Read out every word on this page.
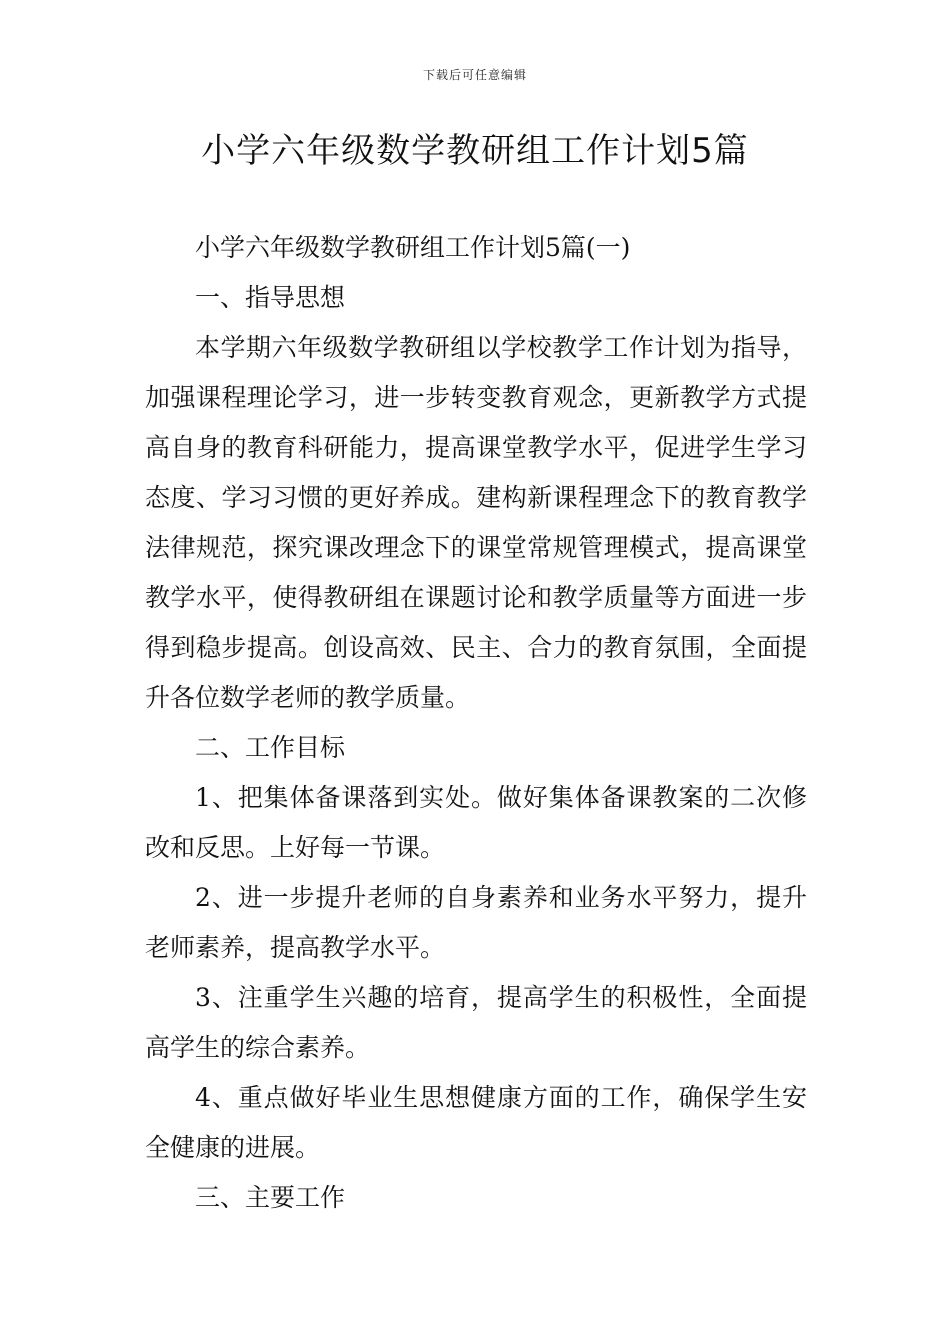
下载后可任意编辑
小学六年级数学教研组工作计划5篇

小学六年级数学教研组工作计划5篇(一)

一、指导思想

本学期六年级数学教研组以学校教学工作计划为指导，加强课程理论学习，进一步转变教育观念，更新教学方式提高自身的教育科研能力，提高课堂教学水平，促进学生学习态度、学习习惯的更好养成。建构新课程理念下的教育教学法律规范，探究课改理念下的课堂常规管理模式，提高课堂教学水平，使得教研组在课题讨论和教学质量等方面进一步得到稳步提高。创设高效、民主、合力的教育氛围，全面提升各位数学老师的教学质量。

二、工作目标

1、把集体备课落到实处。做好集体备课教案的二次修改和反思。上好每一节课。

2、进一步提升老师的自身素养和业务水平努力，提升老师素养，提高教学水平。

3、注重学生兴趣的培育，提高学生的积极性，全面提高学生的综合素养。

4、重点做好毕业生思想健康方面的工作，确保学生安全健康的进展。

三、主要工作
